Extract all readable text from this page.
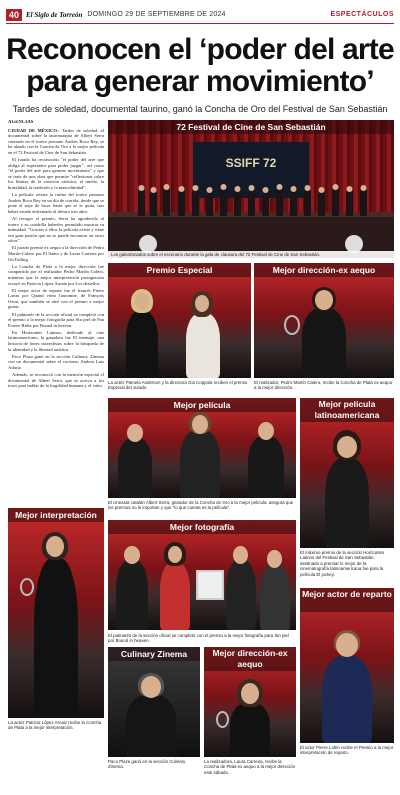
40	El Siglo de Torreón DOMINGO 29 DE SEPTIEMBRE DE 2024	ESPECTÁCULOS
Reconocen el ‘poder del arte para generar movimiento’
Tardes de soledad, documental taurino, ganó la Concha de Oro del Festival de San Sebastián
AGENCIAS

CIUDAD DE MÉXICO.- Tardes de soledad, el documental sobre la tauromaquia de Albert Serra centrado en el torero peruano Andrés Roca Rey, se ha alzado con la Concha de Oro a la mejor película en el 72 Festival de Cine de San Sebastián.

El jurado ha reconocido "el poder del arte que obliga al espectador para poder juzgar", así como "el poder del arte para generar movimiento" y que se trata de una obra que permite "reflexionar sobre los límites de la creación artística, el miedo, la brutalidad, la tradición y la masculinidad".

La película retrata la rutina del torero peruano Andrés Roca Rey en un día de corrida, desde que se pone el traje de luces hasta que se le quita, tras haber estado enfrentado al diestro tres años.

Al recoger el premio, Serra ha agradecido al torero y su cuadrilla haberles permitido mostrar su intimidad. "Gracias a ellos la película existe y tiene esa gran pasión que no se puede encontrar en otros sitios".

El jurado premió ex aequo a la dirección de Pedro Martín-Calero por El llanto y de Laura Carreira por On Falling.

La Concha de Plata a la mejor dirección fue compartida por el realizador Pedro Martín Calero, mientras que la mejor interpretación protagonista recayó en Patricia López Arnaiz por Los destellos.

El mejor actor de reparto fue el francés Pierre Lottin por Quand vient l'automne, de François Ozon, que también se alzó con el premio a mejor guion.

El palmarés de la sección oficial se completó con el premio a la mejor fotografía para Sin piel de Pau Esteve Birba por Bound in heaven.

En Horizontes Latinos, dedicado al cine latinoamericano, la ganadora fue El mensaje, una historia de tintes surrealistas sobre la búsqueda de la identidad y la libertad artística.

Paco Plaza ganó en la sección Culinary Zinema con un documental sobre el cocinero Andoni Luis Aduriz.

Además, se reconoció con la mención especial el documental de Albert Serra, que se acerca a los toros para hablar de la fragilidad humana y el valor.

SSIFF 72
72 Festival de Cine de San Sebastián
Los galardonados sobre el escenario durante la gala de clausura del 72 Festival de Cine de San Sebastián.
Premio Especial
La actriz Pamela Anderson y la directora Gia Coppola reciben el premio Especial del Jurado.
Mejor dirección-ex aequo
El realizador, Pedro Martín Calero, recibe la Concha de Plata ex aequo a la mejor dirección.
Mejor película
El cineasta catalán Albert Serra, ganador de la Concha de Oro a la mejor película, asegura que los premios no le importan y que "lo que cuenta es la película".
Mejor película latinoamericana
El máximo premio de la sección Horizontes Latinos del Festival de San Sebastián, destinado a premiar lo mejor de la cinematografía latinoamericana fue para la película El jockey.
Mejor interpretación
La actriz Patricia López Arnaiz recibe la Concha de Plata a la mejor interpretación.
Mejor fotografía
El palmarés de la sección oficial se completó con el premio a la mejor fotografía para Sin piel por Bound in heaven.
Mejor actor de reparto
El actor Pierre Lottin recibe el Premio a la mejor interpretación de reparto.
Culinary Zinema
Paco Plaza ganó en la sección Culinary Zinema.
Mejor dirección-ex aequo
La realizadora, Laura Carreira, recibe la Concha de Plata ex aequo a la mejor dirección este sábado.
